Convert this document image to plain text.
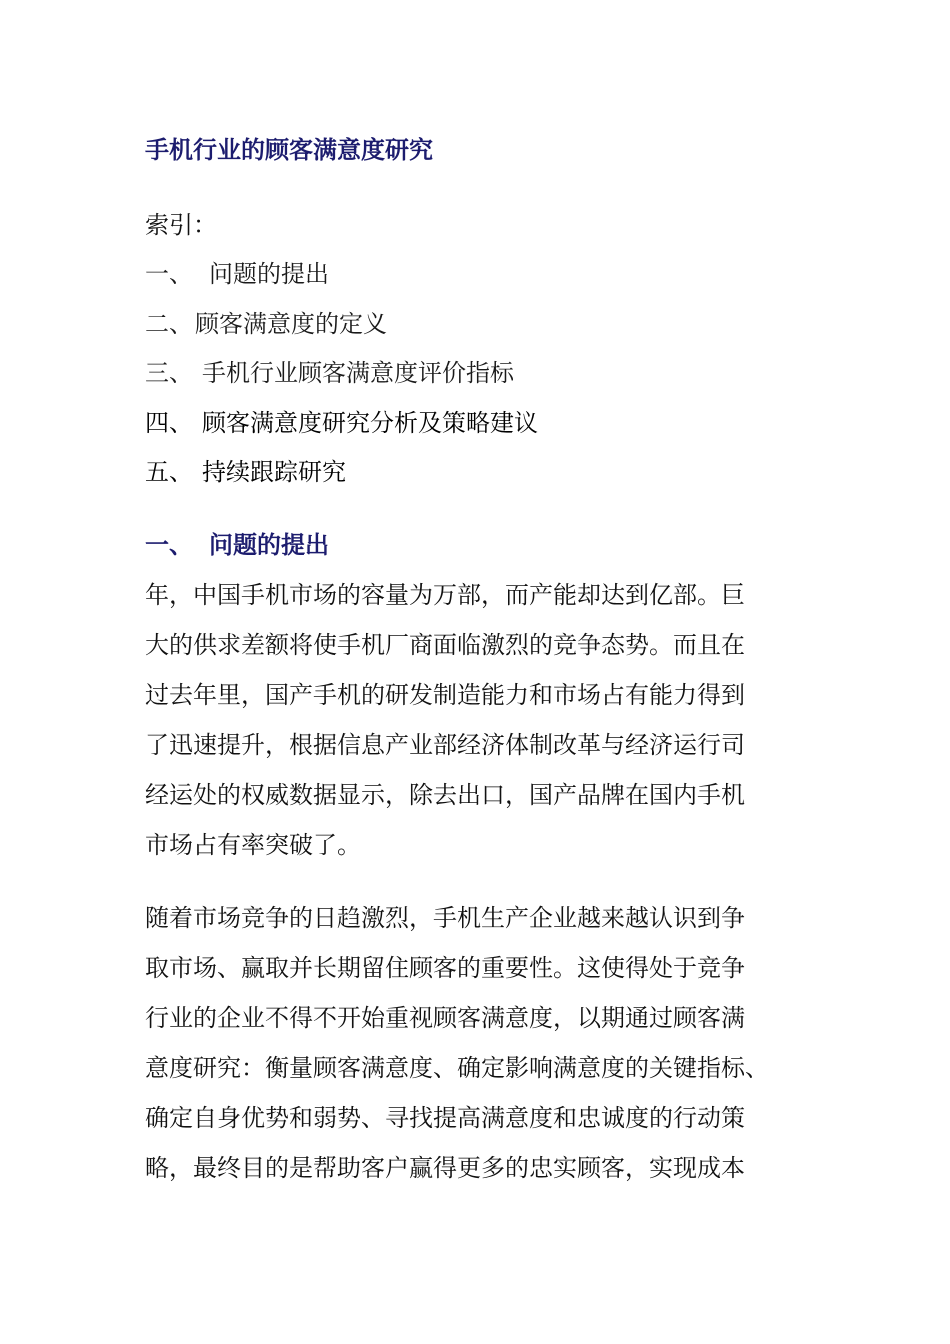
手机行业的顾客满意度研究
索引：
一、 问题的提出
二、顾客满意度的定义
三、 手机行业顾客满意度评价指标
四、 顾客满意度研究分析及策略建议
五、 持续跟踪研究
一、 问题的提出

年，中国手机市场的容量为万部，而产能却达到亿部。巨
大的供求差额将使手机厂商面临激烈的竞争态势。而且在
过去年里，国产手机的研发制造能力和市场占有能力得到
了迅速提升，根据信息产业部经济体制改革与经济运行司
经运处的权威数据显示，除去出口，国产品牌在国内手机
市场占有率突破了。

随着市场竞争的日趋激烈，手机生产企业越来越认识到争
取市场、赢取并长期留住顾客的重要性。这使得处于竞争
行业的企业不得不开始重视顾客满意度，以期通过顾客满
意度研究：衡量顾客满意度、确定影响满意度的关键指标、
确定自身优势和弱势、寻找提高满意度和忠诚度的行动策
略，最终目的是帮助客户赢得更多的忠实顾客，实现成本
